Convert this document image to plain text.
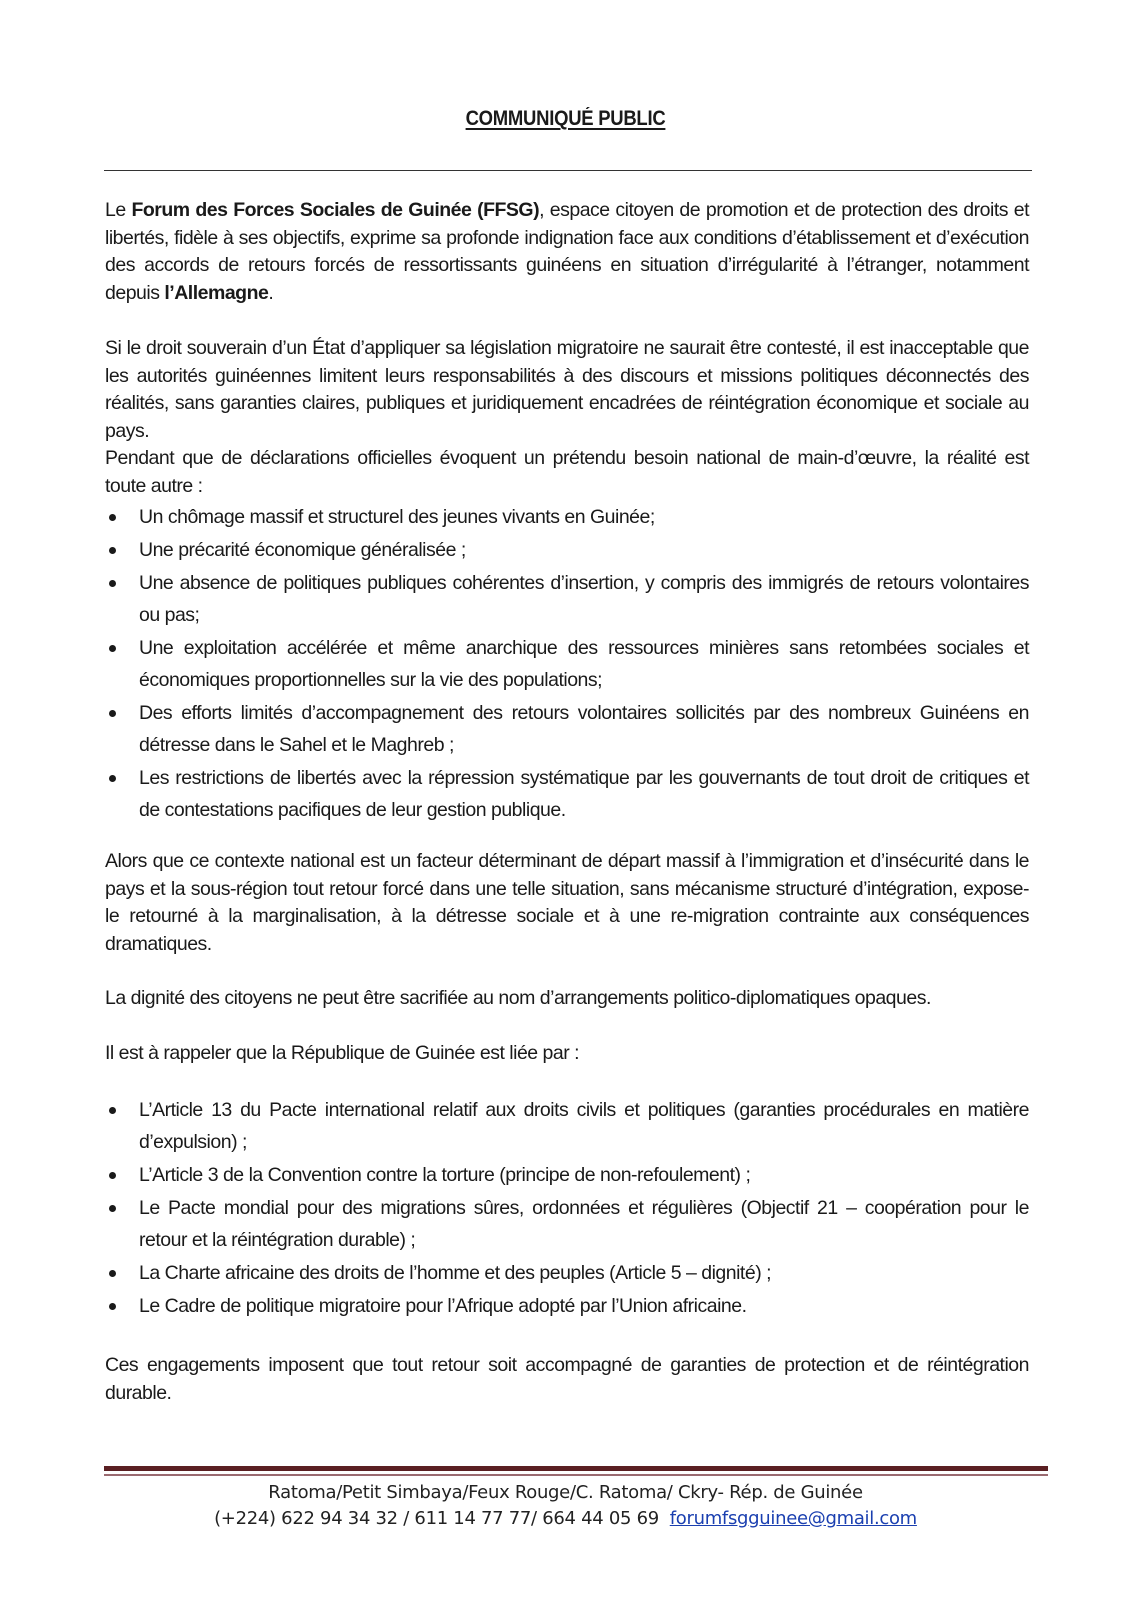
COMMUNIQUÉ PUBLIC

Le Forum des Forces Sociales de Guinée (FFSG), espace citoyen de promotion et de protection des droits et libertés, fidèle à ses objectifs, exprime sa profonde indignation face aux conditions d’établissement et d’exécution des accords de retours forcés de ressortissants guinéens en situation d’irrégularité à l’étranger, notamment depuis l’Allemagne.

Si le droit souverain d’un État d’appliquer sa législation migratoire ne saurait être contesté, il est inacceptable que les autorités guinéennes limitent leurs responsabilités à des discours et missions politiques déconnectés des réalités, sans garanties claires, publiques et juridiquement encadrées de réintégration économique et sociale au pays.

Pendant que de déclarations officielles évoquent un prétendu besoin national de main-d’œuvre, la réalité est toute autre :

Un chômage massif et structurel des jeunes vivants en Guinée;
Une précarité économique généralisée ;
Une absence de politiques publiques cohérentes d’insertion, y compris des immigrés de retours volontaires ou pas;
Une exploitation accélérée et même anarchique des ressources minières sans retombées sociales et économiques proportionnelles sur la vie des populations;
Des efforts limités d’accompagnement des retours volontaires sollicités par des nombreux Guinéens en détresse dans le Sahel et le Maghreb ;
Les restrictions de libertés avec la répression systématique par les gouvernants de tout droit de critiques et de contestations pacifiques de leur gestion publique.

Alors que ce contexte national est un facteur déterminant de départ massif à l’immigration et d’insécurité dans le pays et la sous-région tout retour forcé dans une telle situation, sans mécanisme structuré d’intégration, expose-le retourné à la marginalisation, à la détresse sociale et à une re-migration contrainte aux conséquences dramatiques.

La dignité des citoyens ne peut être sacrifiée au nom d’arrangements politico-diplomatiques opaques.

Il est à rappeler que la République de Guinée est liée par :

L’Article 13 du Pacte international relatif aux droits civils et politiques (garanties procédurales en matière d’expulsion) ;
L’Article 3 de la Convention contre la torture (principe de non-refoulement) ;
Le Pacte mondial pour des migrations sûres, ordonnées et régulières (Objectif 21 – coopération pour le retour et la réintégration durable) ;
La Charte africaine des droits de l’homme et des peuples (Article 5 – dignité) ;
Le Cadre de politique migratoire pour l’Afrique adopté par l’Union africaine.

Ces engagements imposent que tout retour soit accompagné de garanties de protection et de réintégration durable.

Ratoma/Petit Simbaya/Feux Rouge/C. Ratoma/ Ckry- Rép. de Guinée
(+224) 622 94 34 32 / 611 14 77 77/ 664 44 05 69 forumfsgguinee@gmail.com
